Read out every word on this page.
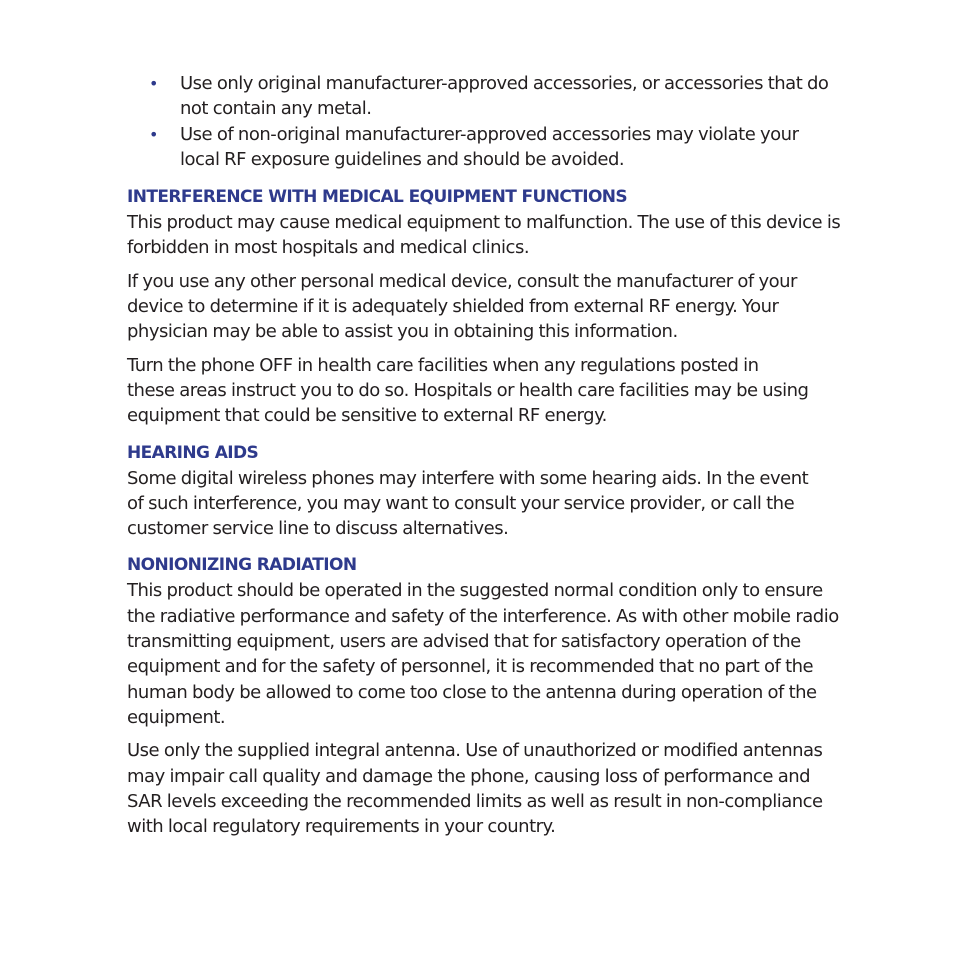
• Use only original manufacturer-approved accessories, or accessories that do
not contain any metal.
• Use of non-original manufacturer-approved accessories may violate your
local RF exposure guidelines and should be avoided.
INTERFERENCE WITH MEDICAL EQUIPMENT FUNCTIONS

This product may cause medical equipment to malfunction. The use of this device is
forbidden in most hospitals and medical clinics.

If you use any other personal medical device, consult the manufacturer of your
device to determine if it is adequately shielded from external RF energy. Your
physician may be able to assist you in obtaining this information.

Turn the phone OFF in health care facilities when any regulations posted in
these areas instruct you to do so. Hospitals or health care facilities may be using
equipment that could be sensitive to external RF energy.

HEARING AIDS

Some digital wireless phones may interfere with some hearing aids. In the event
of such interference, you may want to consult your service provider, or call the
customer service line to discuss alternatives.

NONIONIZING RADIATION

This product should be operated in the suggested normal condition only to ensure
the radiative performance and safety of the interference. As with other mobile radio
transmitting equipment, users are advised that for satisfactory operation of the
equipment and for the safety of personnel, it is recommended that no part of the
human body be allowed to come too close to the antenna during operation of the
equipment.

Use only the supplied integral antenna. Use of unauthorized or modified antennas
may impair call quality and damage the phone, causing loss of performance and
SAR levels exceeding the recommended limits as well as result in non-compliance
with local regulatory requirements in your country.
